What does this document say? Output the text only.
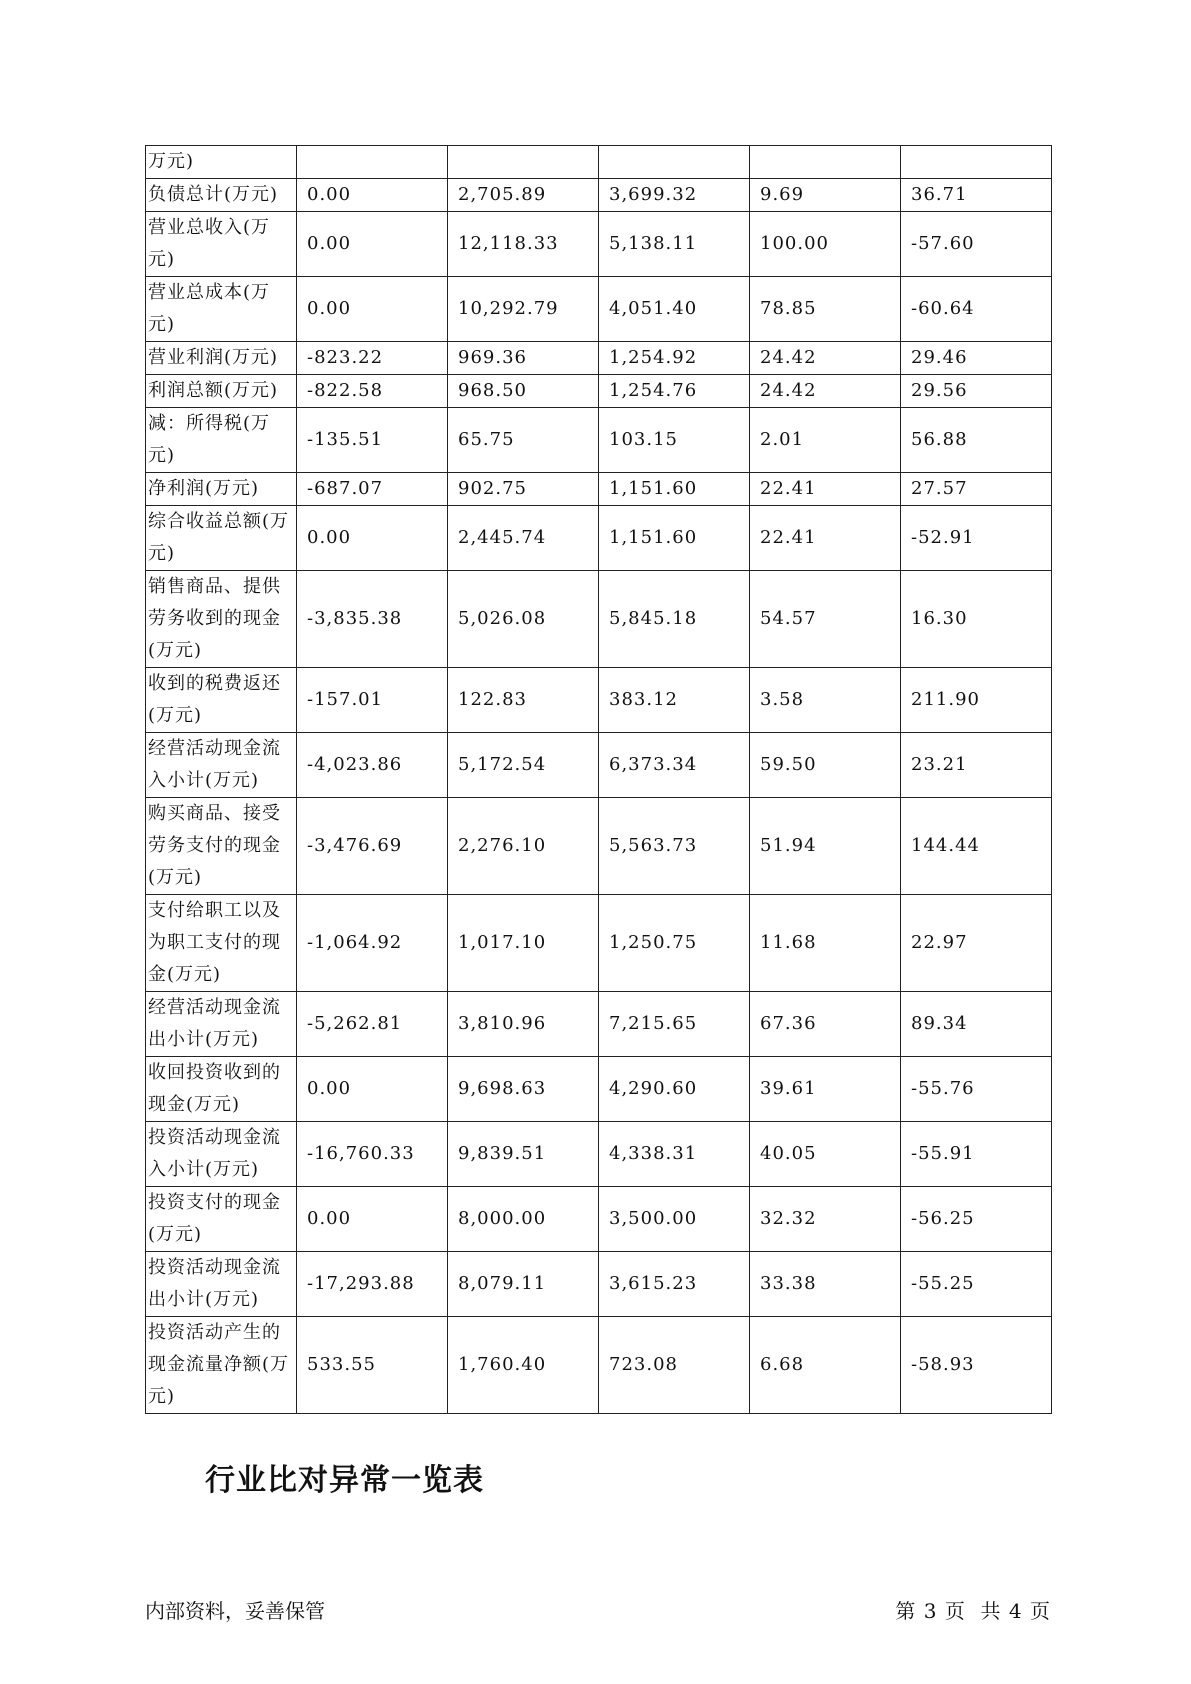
万元)					
负债总计(万元)	0.00	2,705.89	3,699.32	9.69	36.71
营业总收入(万元)	0.00	12,118.33	5,138.11	100.00	-57.60
营业总成本(万元)	0.00	10,292.79	4,051.40	78.85	-60.64
营业利润(万元)	-823.22	969.36	1,254.92	24.42	29.46
利润总额(万元)	-822.58	968.50	1,254.76	24.42	29.56
减：所得税(万元)	-135.51	65.75	103.15	2.01	56.88
净利润(万元)	-687.07	902.75	1,151.60	22.41	27.57
综合收益总额(万元)	0.00	2,445.74	1,151.60	22.41	-52.91
销售商品、提供劳务收到的现金(万元)	-3,835.38	5,026.08	5,845.18	54.57	16.30
收到的税费返还(万元)	-157.01	122.83	383.12	3.58	211.90
经营活动现金流入小计(万元)	-4,023.86	5,172.54	6,373.34	59.50	23.21
购买商品、接受劳务支付的现金(万元)	-3,476.69	2,276.10	5,563.73	51.94	144.44
支付给职工以及为职工支付的现金(万元)	-1,064.92	1,017.10	1,250.75	11.68	22.97
经营活动现金流出小计(万元)	-5,262.81	3,810.96	7,215.65	67.36	89.34
收回投资收到的现金(万元)	0.00	9,698.63	4,290.60	39.61	-55.76
投资活动现金流入小计(万元)	-16,760.33	9,839.51	4,338.31	40.05	-55.91
投资支付的现金(万元)	0.00	8,000.00	3,500.00	32.32	-56.25
投资活动现金流出小计(万元)	-17,293.88	8,079.11	3,615.23	33.38	-55.25
投资活动产生的现金流量净额(万元)	533.55	1,760.40	723.08	6.68	-58.93
行业比对异常一览表
内部资料，妥善保管	第 3 页  共 4 页
